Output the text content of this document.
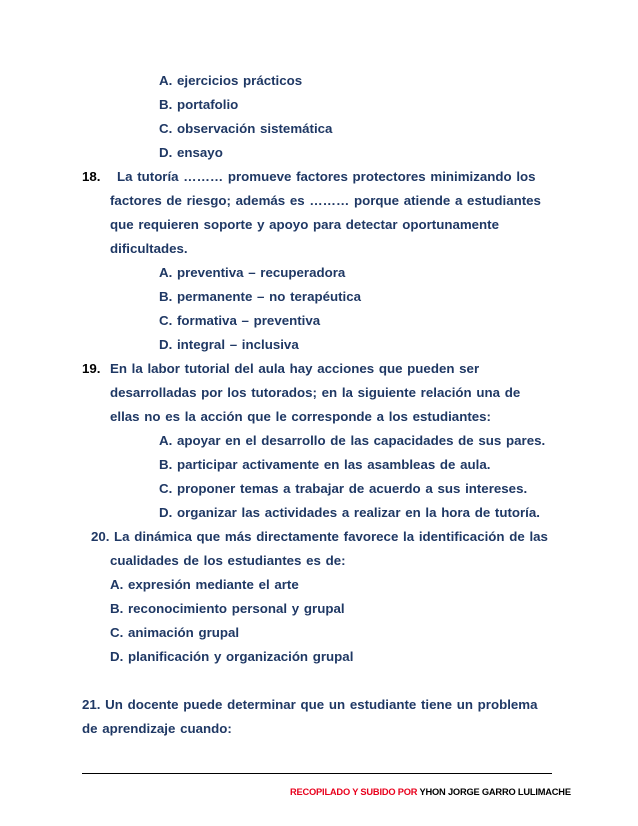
A. ejercicios prácticos
B. portafolio
C. observación sistemática
D. ensayo
18. La tutoría ……… promueve factores protectores minimizando los
factores de riesgo; además es ……… porque atiende a estudiantes
que requieren soporte y apoyo para detectar oportunamente
dificultades.
A. preventiva – recuperadora
B. permanente – no terapéutica
C. formativa – preventiva
D. integral – inclusiva
19. En la labor tutorial del aula hay acciones que pueden ser
desarrolladas por los tutorados; en la siguiente relación una de
ellas no es la acción que le corresponde a los estudiantes:
A. apoyar en el desarrollo de las capacidades de sus pares.
B. participar activamente en las asambleas de aula.
C. proponer temas a trabajar de acuerdo a sus intereses.
D. organizar las actividades a realizar en la hora de tutoría.
20. La dinámica que más directamente favorece la identificación de las
cualidades de los estudiantes es de:
A. expresión mediante el arte
B. reconocimiento personal y grupal
C. animación grupal
D. planificación y organización grupal
21. Un docente puede determinar que un estudiante tiene un problema
de aprendizaje cuando:
RECOPILADO Y SUBIDO POR YHON JORGE GARRO LULIMACHE
